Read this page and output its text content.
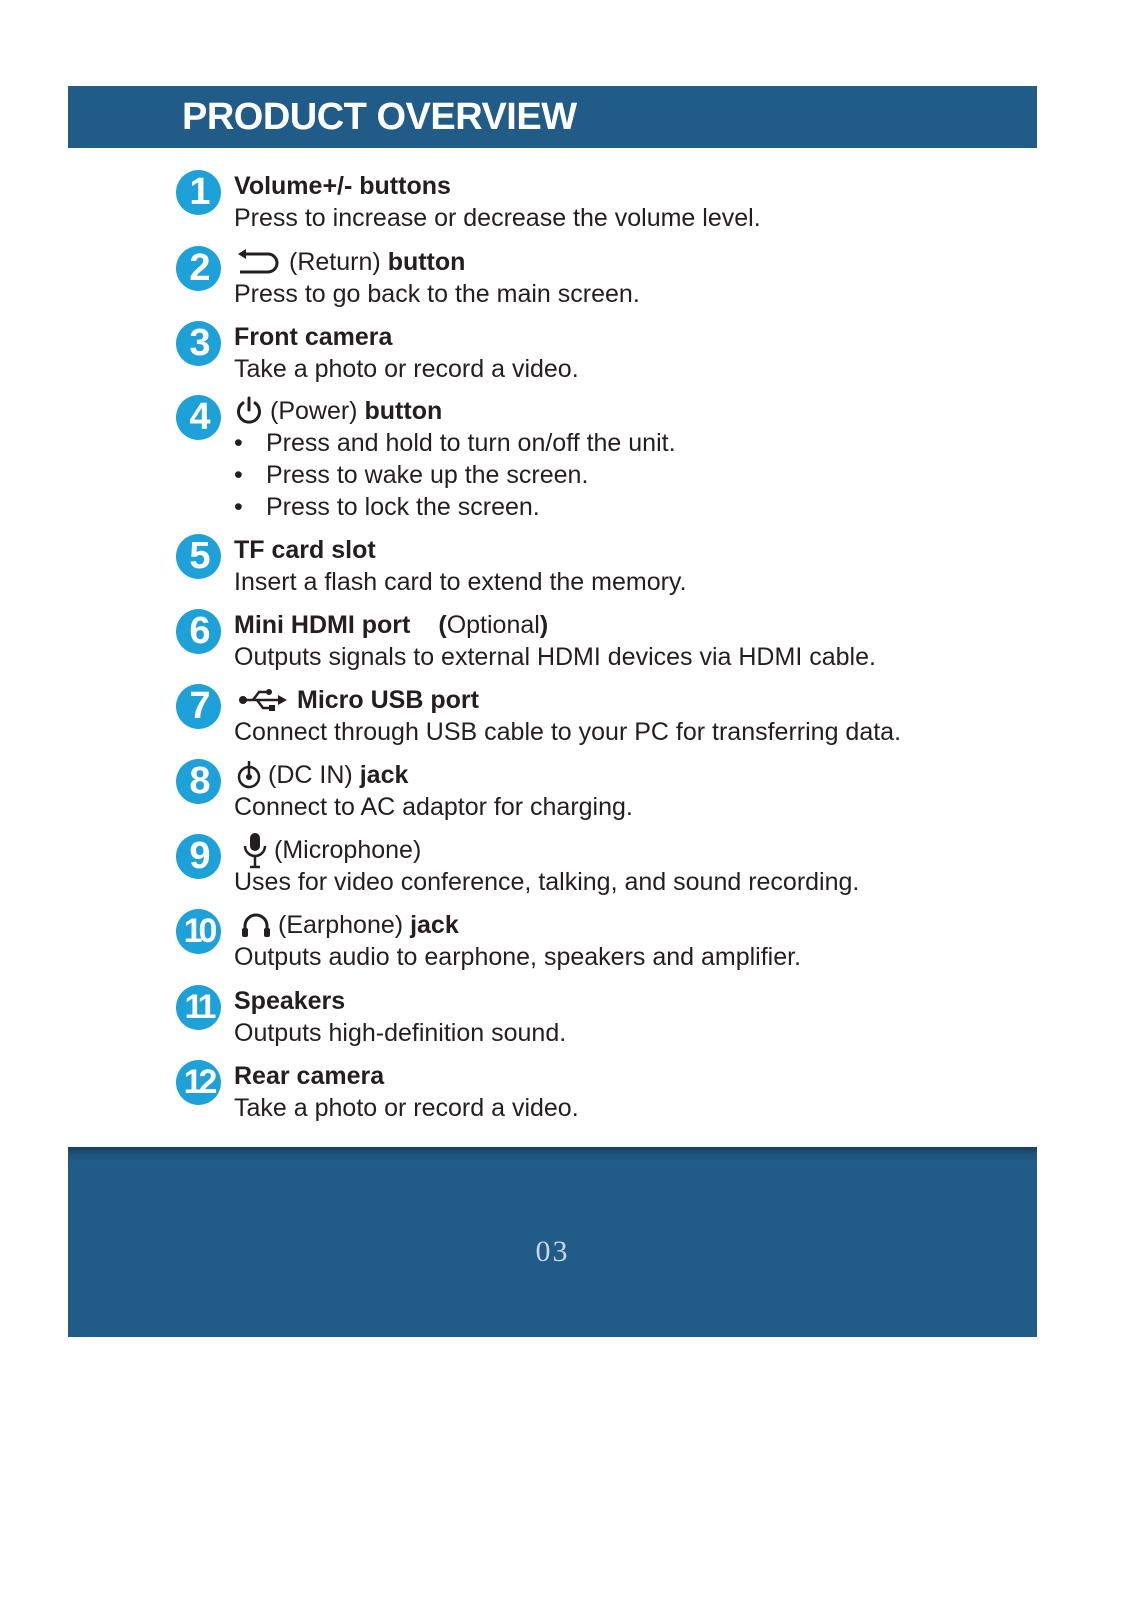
PRODUCT OVERVIEW
1	Volume+/- buttons
Press to increase or decrease the volume level.
2	(Return) button
Press to go back to the main screen.
3	Front camera
Take a photo or record a video.
4	(Power) button
• Press and hold to turn on/off the unit.
• Press to wake up the screen.
• Press to lock the screen.
5	TF card slot
Insert a flash card to extend the memory.
6	Mini HDMI port ( Optional )
Outputs signals to external HDMI devices via HDMI cable.
7	Micro USB port
Connect through USB cable to your PC for transferring data.
8	(DC IN) jack
Connect to AC adaptor for charging.
9	(Microphone)
Uses for video conference, talking, and sound recording.
10	(Earphone) jack
Outputs audio to earphone, speakers and amplifier.
11 Speakers
Outputs high-definition sound.
12 Rear camera
Take a photo or record a video.
03
